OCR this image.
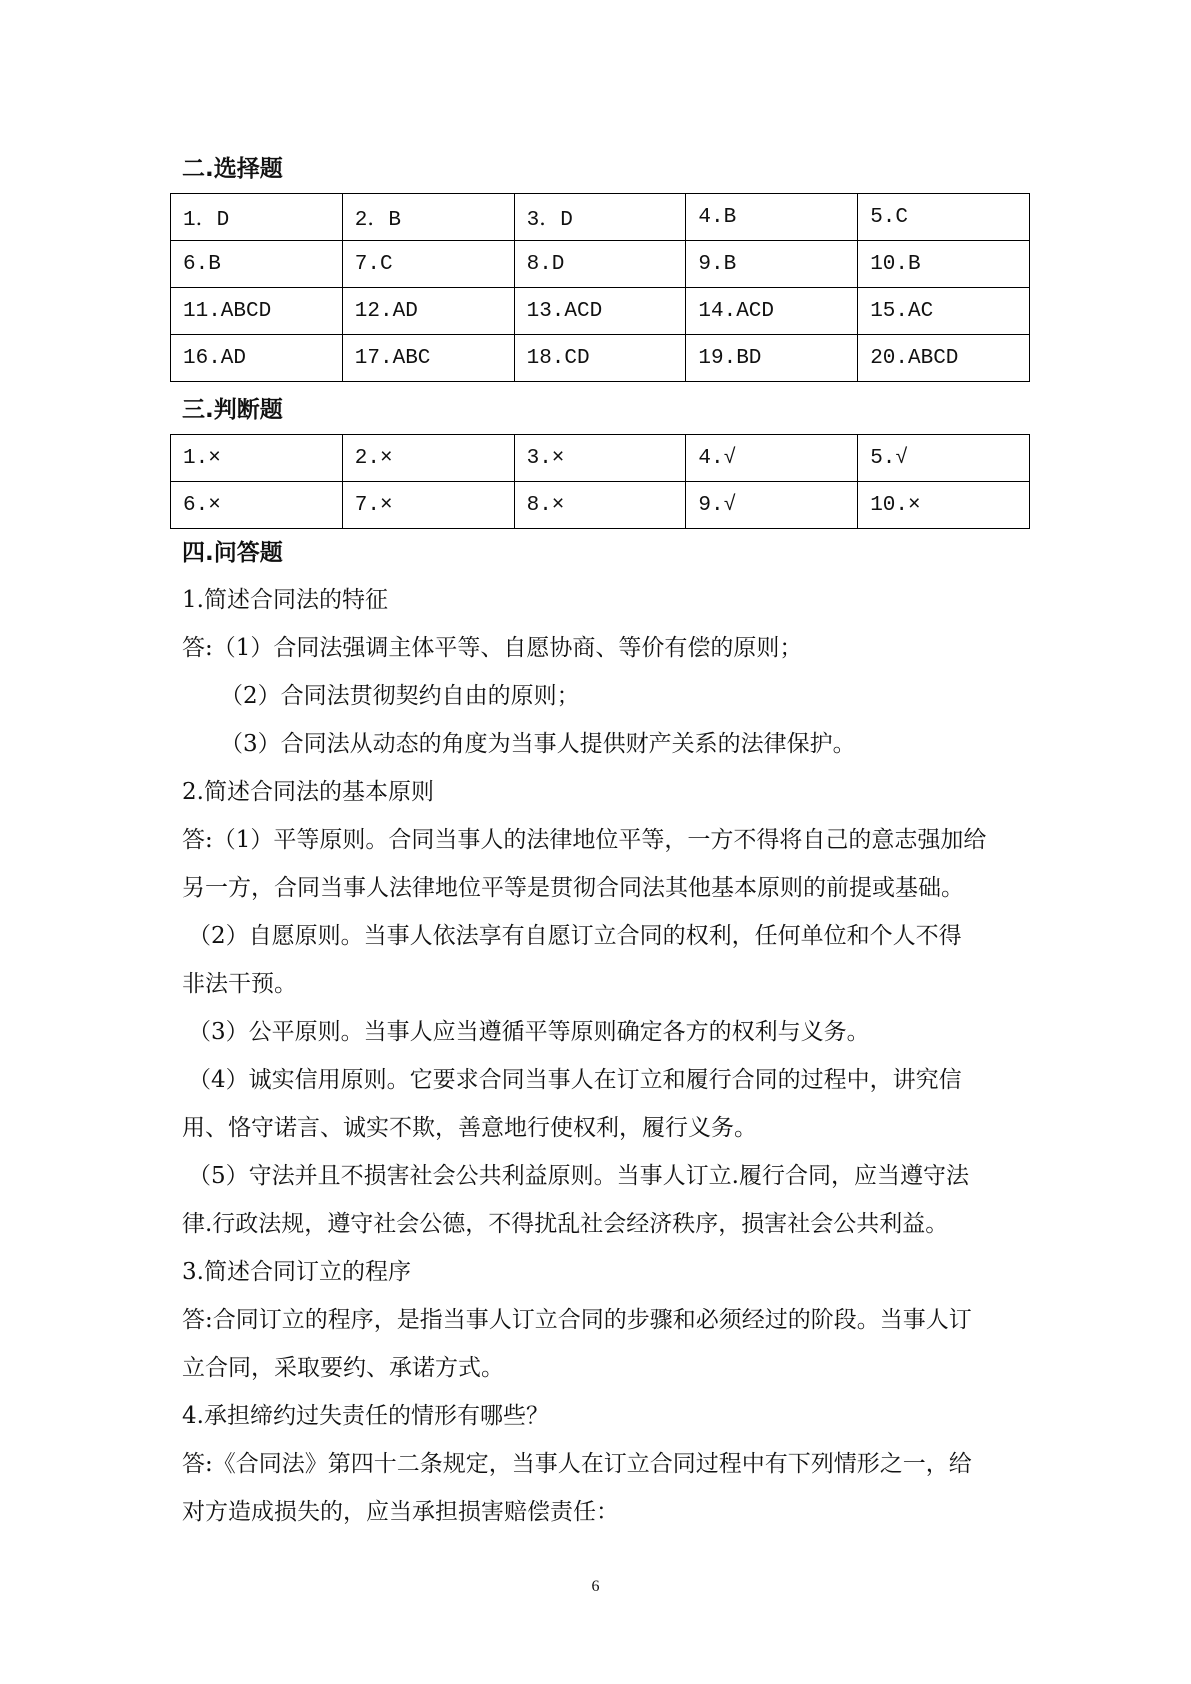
二.选择题
1．D	2．B	3．D	4.B	5.C
6.B	7.C	8.D	9.B	10.B
11.ABCD	12.AD	13.ACD	14.ACD	15.AC
16.AD	17.ABC	18.CD	19.BD	20.ABCD
三.判断题
1.×	2.×	3.×	4.√	5.√
6.×	7.×	8.×	9.√	10.×
四.问答题
1.简述合同法的特征
答:（1）合同法强调主体平等、自愿协商、等价有偿的原则；
（2）合同法贯彻契约自由的原则；
（3）合同法从动态的角度为当事人提供财产关系的法律保护。
2.简述合同法的基本原则
答:（1）平等原则。合同当事人的法律地位平等，一方不得将自己的意志强加给
另一方，合同当事人法律地位平等是贯彻合同法其他基本原则的前提或基础。
（2）自愿原则。当事人依法享有自愿订立合同的权利，任何单位和个人不得
非法干预。
（3）公平原则。当事人应当遵循平等原则确定各方的权利与义务。
（4）诚实信用原则。它要求合同当事人在订立和履行合同的过程中，讲究信
用、恪守诺言、诚实不欺，善意地行使权利，履行义务。
（5）守法并且不损害社会公共利益原则。当事人订立.履行合同，应当遵守法
律.行政法规，遵守社会公德，不得扰乱社会经济秩序，损害社会公共利益。
3.简述合同订立的程序
答:合同订立的程序，是指当事人订立合同的步骤和必须经过的阶段。当事人订
立合同，采取要约、承诺方式。
4.承担缔约过失责任的情形有哪些？
答:《合同法》第四十二条规定，当事人在订立合同过程中有下列情形之一，给
对方造成损失的，应当承担损害赔偿责任：
6
